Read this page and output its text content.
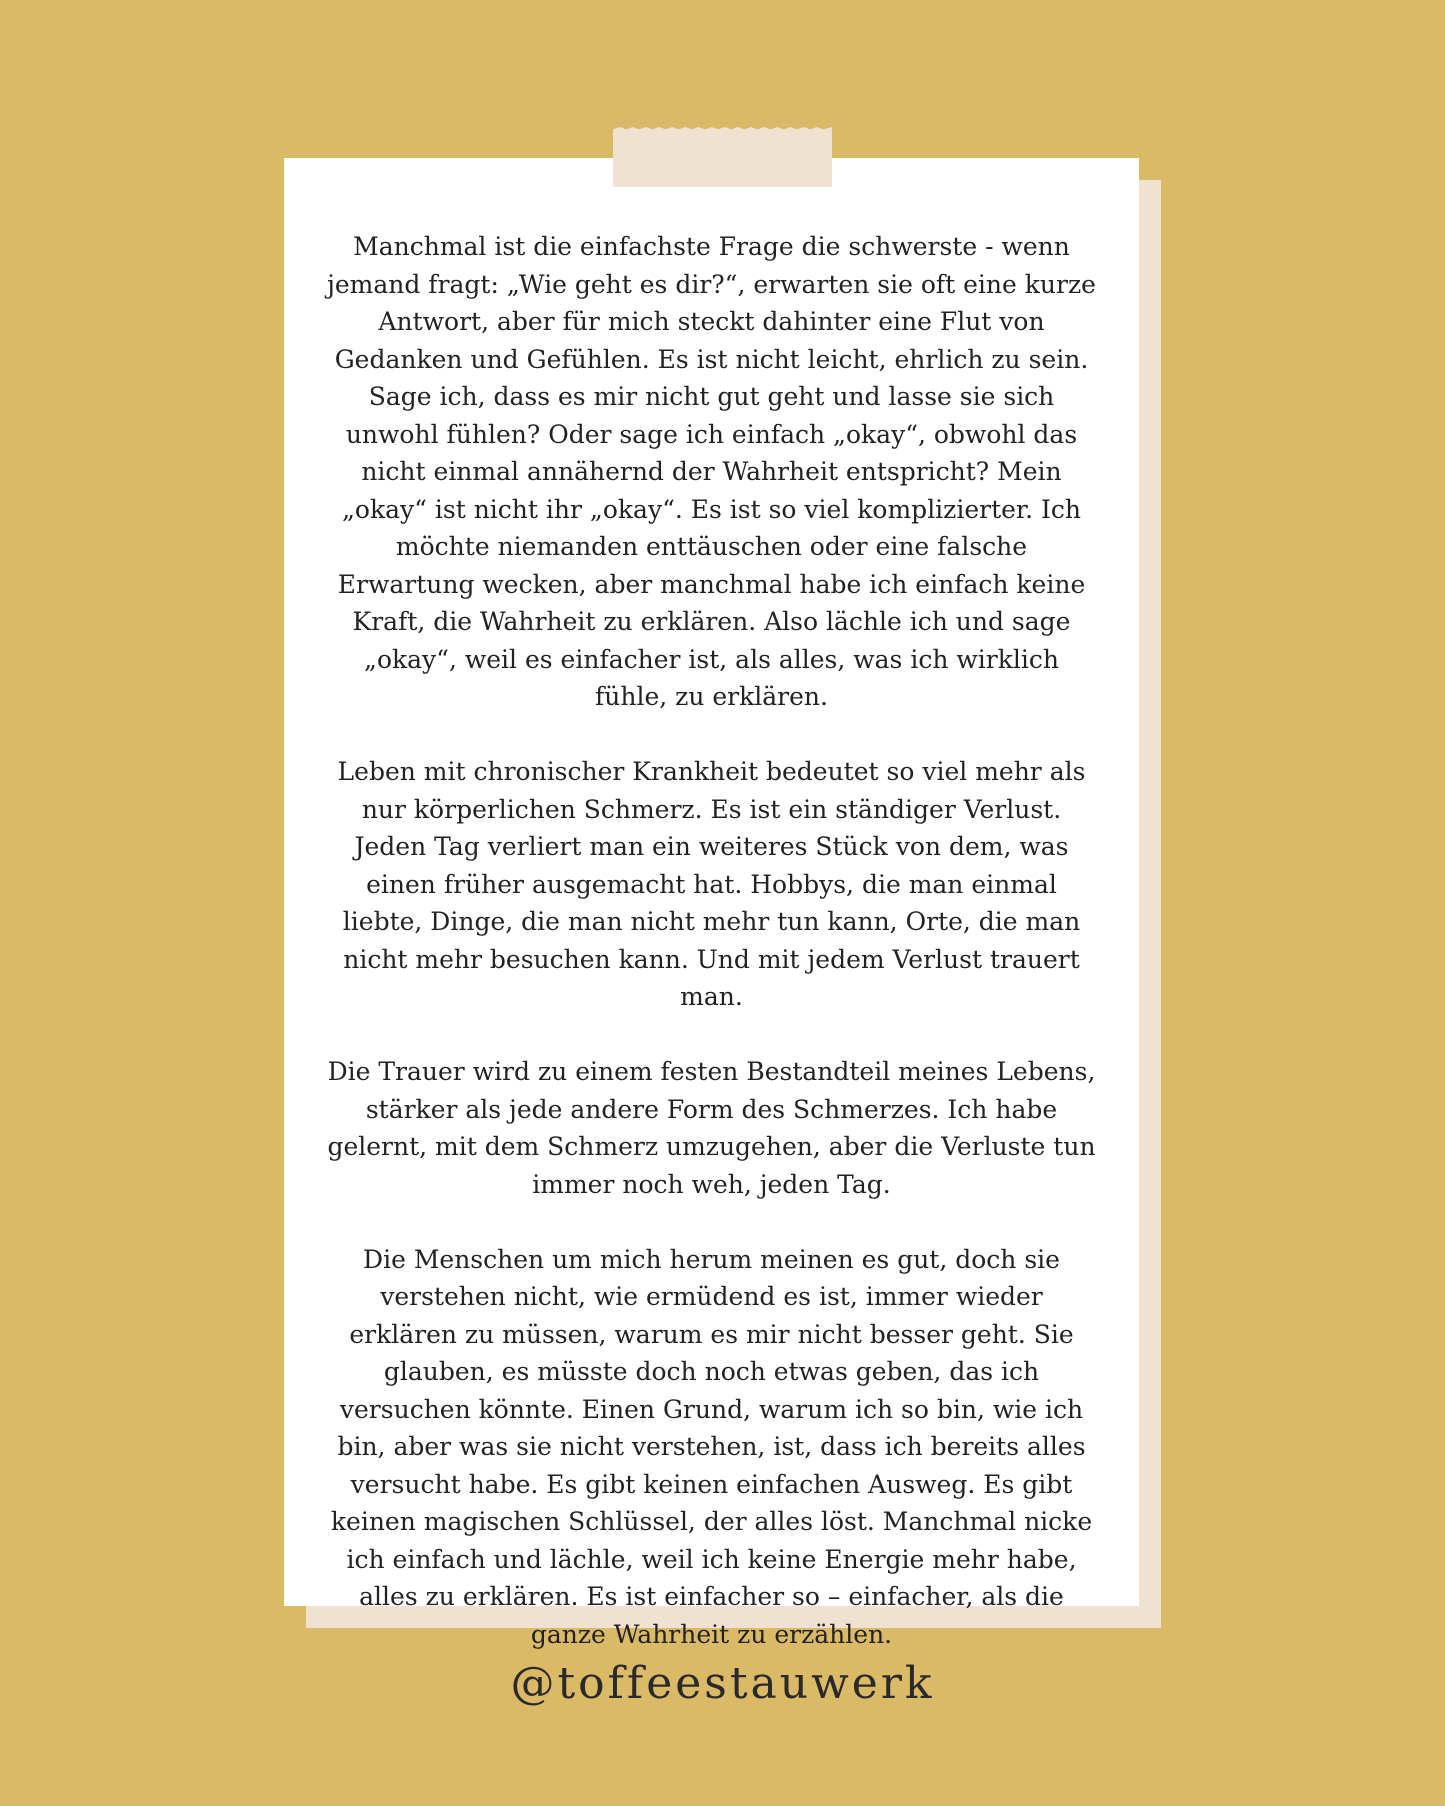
Manchmal ist die einfachste Frage die schwerste - wenn jemand fragt: „Wie geht es dir?“, erwarten sie oft eine kurze Antwort, aber für mich steckt dahinter eine Flut von Gedanken und Gefühlen. Es ist nicht leicht, ehrlich zu sein. Sage ich, dass es mir nicht gut geht und lasse sie sich unwohl fühlen? Oder sage ich einfach „okay“, obwohl das nicht einmal annähernd der Wahrheit entspricht? Mein „okay“ ist nicht ihr „okay“. Es ist so viel komplizierter. Ich möchte niemanden enttäuschen oder eine falsche Erwartung wecken, aber manchmal habe ich einfach keine Kraft, die Wahrheit zu erklären. Also lächle ich und sage „okay“, weil es einfacher ist, als alles, was ich wirklich fühle, zu erklären.

Leben mit chronischer Krankheit bedeutet so viel mehr als nur körperlichen Schmerz. Es ist ein ständiger Verlust. Jeden Tag verliert man ein weiteres Stück von dem, was einen früher ausgemacht hat. Hobbys, die man einmal liebte, Dinge, die man nicht mehr tun kann, Orte, die man nicht mehr besuchen kann. Und mit jedem Verlust trauert man.

Die Trauer wird zu einem festen Bestandteil meines Lebens, stärker als jede andere Form des Schmerzes. Ich habe gelernt, mit dem Schmerz umzugehen, aber die Verluste tun immer noch weh, jeden Tag.

Die Menschen um mich herum meinen es gut, doch sie verstehen nicht, wie ermüdend es ist, immer wieder erklären zu müssen, warum es mir nicht besser geht. Sie glauben, es müsste doch noch etwas geben, das ich versuchen könnte. Einen Grund, warum ich so bin, wie ich bin, aber was sie nicht verstehen, ist, dass ich bereits alles versucht habe. Es gibt keinen einfachen Ausweg. Es gibt keinen magischen Schlüssel, der alles löst. Manchmal nicke ich einfach und lächle, weil ich keine Energie mehr habe, alles zu erklären. Es ist einfacher so – einfacher, als die ganze Wahrheit zu erzählen.

@toffeestauwerk
